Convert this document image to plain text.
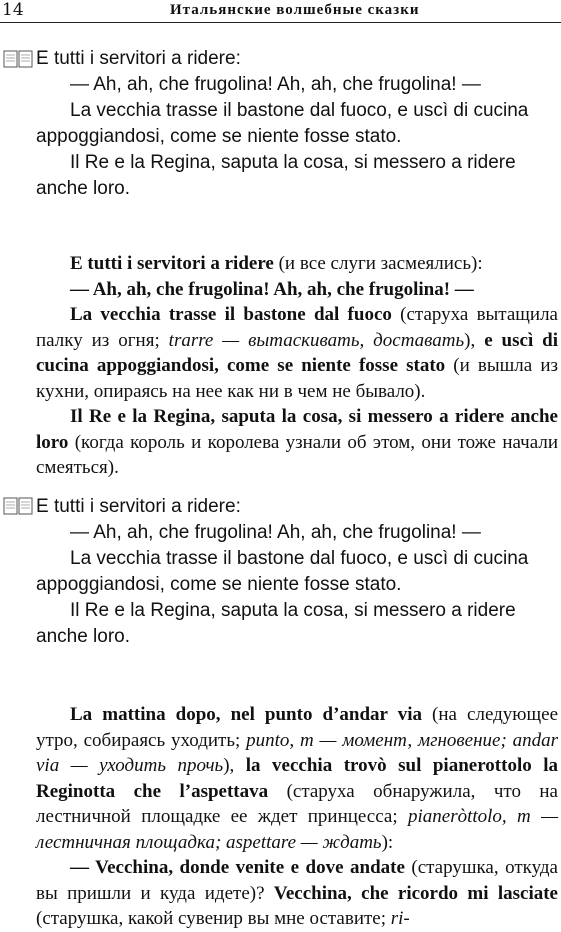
14	Итальянские волшебные сказки

E tutti i servitori a ridere:

— Ah, ah, che frugolina! Ah, ah, che frugolina! —

La vecchia trasse il bastone dal fuoco, e uscì di cucina appoggiandosi, come se niente fosse stato.

Il Re e la Regina, saputa la cosa, si messero a ridere anche loro.

E tutti i servitori a ridere (и все слуги засмеялись):

— Ah, ah, che frugolina! Ah, ah, che frugolina! —

La vecchia trasse il bastone dal fuoco (старуха вытащила палку из огня; trarre — вытаскивать, доставать), e uscì di cucina appoggiandosi, come se niente fosse stato (и вышла из кухни, опираясь на нее как ни в чем не бывало).

Il Re e la Regina, saputa la cosa, si messero a ridere anche loro (когда король и королева узнали об этом, они тоже начали смеяться).

E tutti i servitori a ridere:

— Ah, ah, che frugolina! Ah, ah, che frugolina! —

La vecchia trasse il bastone dal fuoco, e uscì di cucina appoggiandosi, come se niente fosse stato.

Il Re e la Regina, saputa la cosa, si messero a ridere anche loro.

La mattina dopo, nel punto d’andar via (на следующее утро, собираясь уходить; punto, m — момент, мгновение; andar via — уходить прочь), la vecchia trovò sul pianerottolo la Reginotta che l’aspettava (старуха обнаружила, что на лестничной площадке ее ждет принцесса; pianeròttolo, m — лестничная площадка; aspettare — ждать):

— Vecchina, donde venite e dove andate (старушка, откуда вы пришли и куда идете)? Vecchina, che ricordo mi lasciate (старушка, какой сувенир вы мне оставите; ri-
